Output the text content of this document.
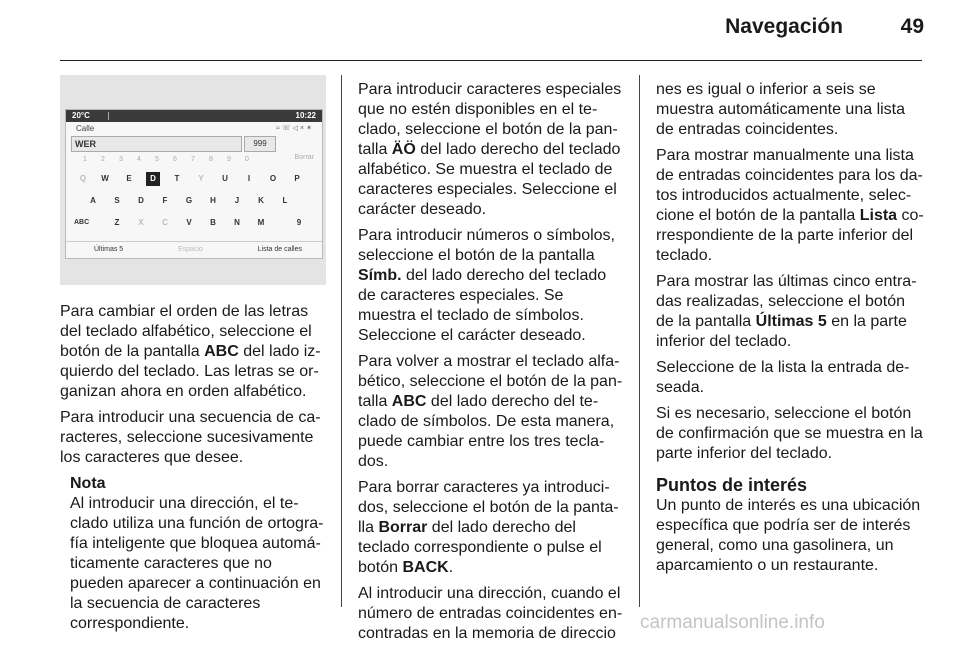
Navegación	49
20°C	10:22
Calle	≈☏◁×✶
WER	999
1	2	3	4	5	6	7	8	9	0	Borrar
Q	W	E	D	T	Y	U	I	O	P
A	S	D	F	G	H	J	K	L
ABC	Z	X	C	V	B	N	M	9
Últimas 5	Espacio	Lista de calles

Para cambiar el orden de las letras del teclado alfabético, seleccione el botón de la pantalla ABC del lado izquierdo del teclado. Las letras se organizan ahora en orden alfabético.

Para introducir una secuencia de caracteres, seleccione sucesivamente los caracteres que desee.

Nota

Al introducir una dirección, el teclado utiliza una función de ortografía inteligente que bloquea automáticamente caracteres que no pueden aparecer a continuación en la secuencia de caracteres correspondiente.

Para introducir caracteres especiales que no estén disponibles en el teclado, seleccione el botón de la pantalla ÄÖ del lado derecho del teclado alfabético. Se muestra el teclado de caracteres especiales. Seleccione el carácter deseado.

Para introducir números o símbolos, seleccione el botón de la pantalla Símb. del lado derecho del teclado de caracteres especiales. Se muestra el teclado de símbolos. Seleccione el carácter deseado.

Para volver a mostrar el teclado alfabético, seleccione el botón de la pantalla ABC del lado derecho del teclado de símbolos. De esta manera, puede cambiar entre los tres teclados.

Para borrar caracteres ya introducidos, seleccione el botón de la pantalla Borrar del lado derecho del teclado correspondiente o pulse el botón BACK.

Al introducir una dirección, cuando el número de entradas coincidentes encontradas en la memoria de direccio

nes es igual o inferior a seis se muestra automáticamente una lista de entradas coincidentes.

Para mostrar manualmente una lista de entradas coincidentes para los datos introducidos actualmente, seleccione el botón de la pantalla Lista correspondiente de la parte inferior del teclado.

Para mostrar las últimas cinco entradas realizadas, seleccione el botón de la pantalla Últimas 5 en la parte inferior del teclado.

Seleccione de la lista la entrada deseada.

Si es necesario, seleccione el botón de confirmación que se muestra en la parte inferior del teclado.

Puntos de interés

Un punto de interés es una ubicación específica que podría ser de interés general, como una gasolinera, un aparcamiento o un restaurante.

carmanualsonline.info
